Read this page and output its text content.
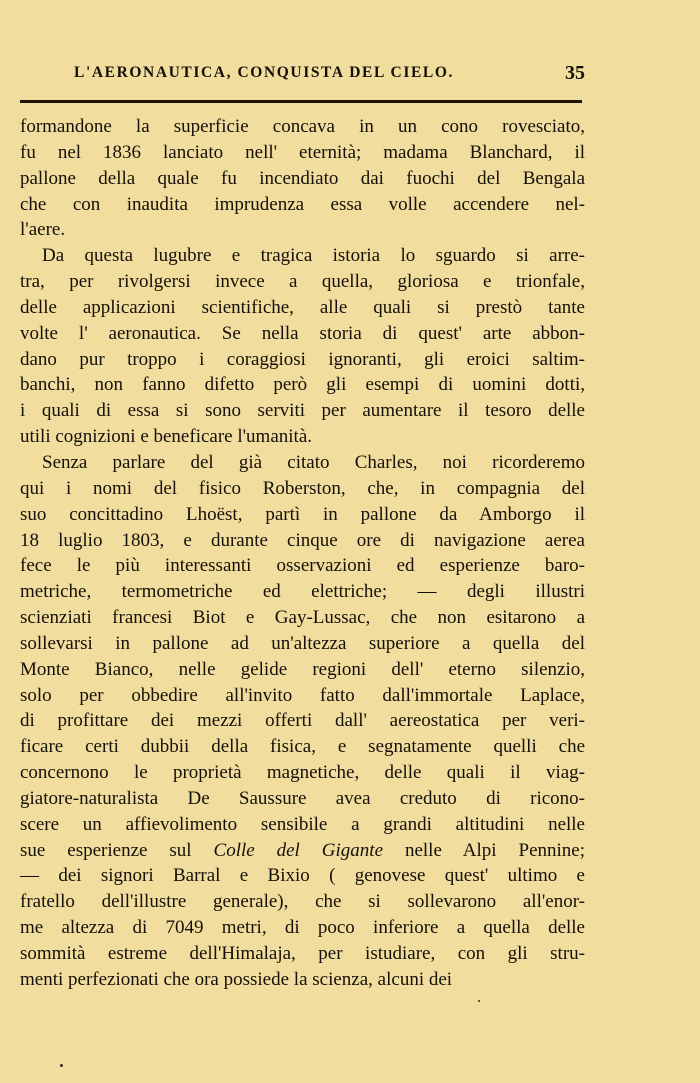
L'AERONAUTICA, CONQUISTA DEL CIELO.	35
formandone la superficie concava in un cono rovesciato,
fu nel 1836 lanciato nell' eternità; madama Blanchard, il
pallone della quale fu incendiato dai fuochi del Bengala
che con inaudita imprudenza essa volle accendere nel-
l'aere.
Da questa lugubre e tragica istoria lo sguardo si arre-
tra, per rivolgersi invece a quella, gloriosa e trionfale,
delle applicazioni scientifiche, alle quali si prestò tante
volte l' aeronautica. Se nella storia di quest' arte abbon-
dano pur troppo i coraggiosi ignoranti, gli eroici saltim-
banchi, non fanno difetto però gli esempi di uomini dotti,
i quali di essa si sono serviti per aumentare il tesoro delle
utili cognizioni e beneficare l'umanità.
Senza parlare del già citato Charles, noi ricorderemo
qui i nomi del fisico Roberston, che, in compagnia del
suo concittadino Lhoëst, partì in pallone da Amborgo il
18 luglio 1803, e durante cinque ore di navigazione aerea
fece le più interessanti osservazioni ed esperienze baro-
metriche, termometriche ed elettriche; — degli illustri
scienziati francesi Biot e Gay-Lussac, che non esitarono a
sollevarsi in pallone ad un'altezza superiore a quella del
Monte Bianco, nelle gelide regioni dell' eterno silenzio,
solo per obbedire all'invito fatto dall'immortale Laplace,
di profittare dei mezzi offerti dall' aereostatica per veri-
ficare certi dubbii della fisica, e segnatamente quelli che
concernono le proprietà magnetiche, delle quali il viag-
giatore-naturalista De Saussure avea creduto di ricono-
scere un affievolimento sensibile a grandi altitudini nelle
sue esperienze sul Colle del Gigante nelle Alpi Pennine;
— dei signori Barral e Bixio ( genovese quest' ultimo e
fratello dell'illustre generale), che si sollevarono all'enor-
me altezza di 7049 metri, di poco inferiore a quella delle
sommità estreme dell'Himalaja, per istudiare, con gli stru-
menti perfezionati che ora possiede la scienza, alcuni dei
